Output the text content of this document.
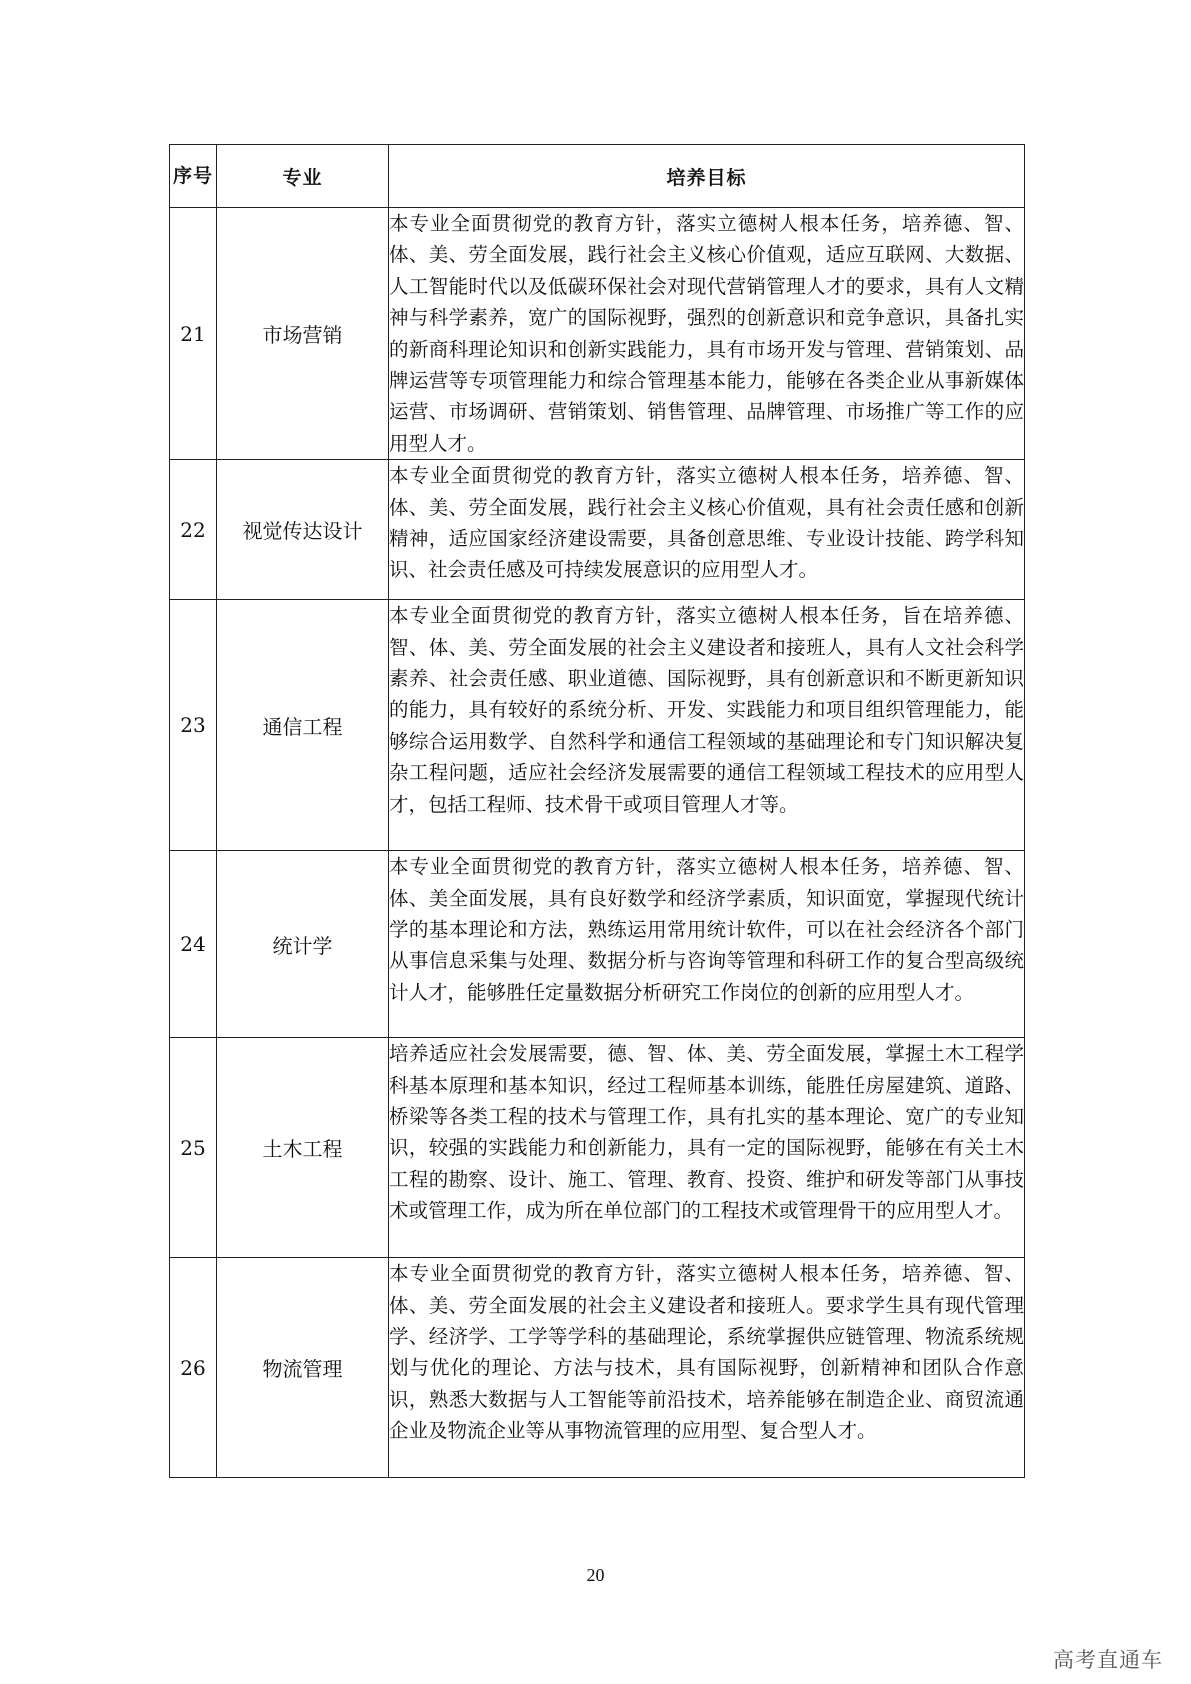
序号	专业	培养目标
21	市场营销	本专业全面贯彻党的教育方针，落实立德树人根本任务，培养德、智、体、美、劳全面发展，践行社会主义核心价值观，适应互联网、大数据、人工智能时代以及低碳环保社会对现代营销管理人才的要求，具有人文精神与科学素养，宽广的国际视野，强烈的创新意识和竞争意识，具备扎实的新商科理论知识和创新实践能力，具有市场开发与管理、营销策划、品牌运营等专项管理能力和综合管理基本能力，能够在各类企业从事新媒体运营、市场调研、营销策划、销售管理、品牌管理、市场推广等工作的应用型人才。
22	视觉传达设计	本专业全面贯彻党的教育方针，落实立德树人根本任务，培养德、智、体、美、劳全面发展，践行社会主义核心价值观，具有社会责任感和创新精神，适应国家经济建设需要，具备创意思维、专业设计技能、跨学科知识、社会责任感及可持续发展意识的应用型人才。
23	通信工程	本专业全面贯彻党的教育方针，落实立德树人根本任务，旨在培养德、智、体、美、劳全面发展的社会主义建设者和接班人，具有人文社会科学素养、社会责任感、职业道德、国际视野，具有创新意识和不断更新知识的能力，具有较好的系统分析、开发、实践能力和项目组织管理能力，能够综合运用数学、自然科学和通信工程领域的基础理论和专门知识解决复杂工程问题，适应社会经济发展需要的通信工程领域工程技术的应用型人才，包括工程师、技术骨干或项目管理人才等。
24	统计学	本专业全面贯彻党的教育方针，落实立德树人根本任务，培养德、智、体、美全面发展，具有良好数学和经济学素质，知识面宽，掌握现代统计学的基本理论和方法，熟练运用常用统计软件，可以在社会经济各个部门从事信息采集与处理、数据分析与咨询等管理和科研工作的复合型高级统计人才，能够胜任定量数据分析研究工作岗位的创新的应用型人才。
25	土木工程	培养适应社会发展需要，德、智、体、美、劳全面发展，掌握土木工程学科基本原理和基本知识，经过工程师基本训练，能胜任房屋建筑、道路、桥梁等各类工程的技术与管理工作，具有扎实的基本理论、宽广的专业知识，较强的实践能力和创新能力，具有一定的国际视野，能够在有关土木工程的勘察、设计、施工、管理、教育、投资、维护和研发等部门从事技术或管理工作，成为所在单位部门的工程技术或管理骨干的应用型人才。
26	物流管理	本专业全面贯彻党的教育方针，落实立德树人根本任务，培养德、智、体、美、劳全面发展的社会主义建设者和接班人。要求学生具有现代管理学、经济学、工学等学科的基础理论，系统掌握供应链管理、物流系统规划与优化的理论、方法与技术，具有国际视野，创新精神和团队合作意识，熟悉大数据与人工智能等前沿技术，培养能够在制造企业、商贸流通企业及物流企业等从事物流管理的应用型、复合型人才。
20
高考直通车
